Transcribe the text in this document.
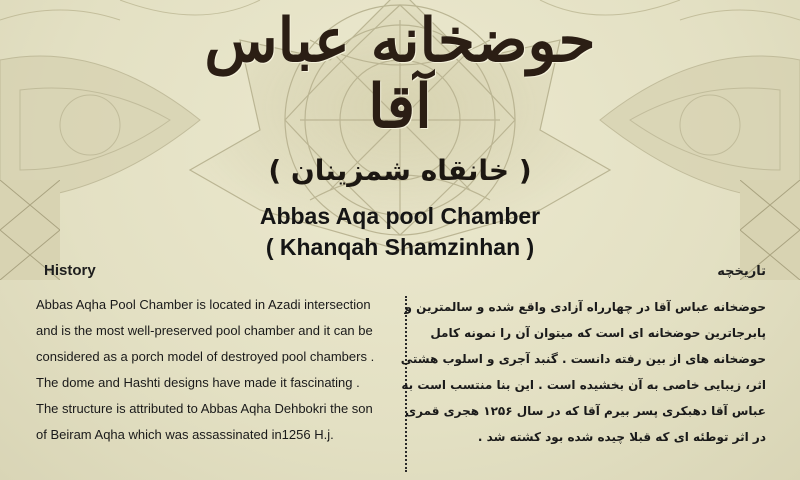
حوضخانه عباس آقا
( خانقاه شمزینان )
Abbas Aqa pool Chamber
( Khanqah Shamzinhan )
History	تاریخچه
Abbas Aqha Pool Chamber is located in Azadi intersection
and is the most well-preserved pool chamber and it can be
considered as a porch model of destroyed pool chambers .
The dome and Hashti designs have made it fascinating .
The structure is attributed to Abbas Aqha Dehbokri the son
of Beiram Aqha which was assassinated in1256 H.j.
حوضخانه عباس آقا در چهارراه آزادی واقع شده و سالمترین و
پابرجاترین حوضخانه ای است که میتوان آن را نمونه کامل
حوضخانه های از بین رفته دانست . گنبد آجری و اسلوب هشتی
اثر، زیبایی خاصی به آن بخشیده است . این بنا منتسب است به
عباس آقا دهبکری پسر بیرم آقا که در سال ۱۲۵۶ هجری قمری
در اثر توطئه ای که قبلا چیده شده بود کشته شد .
